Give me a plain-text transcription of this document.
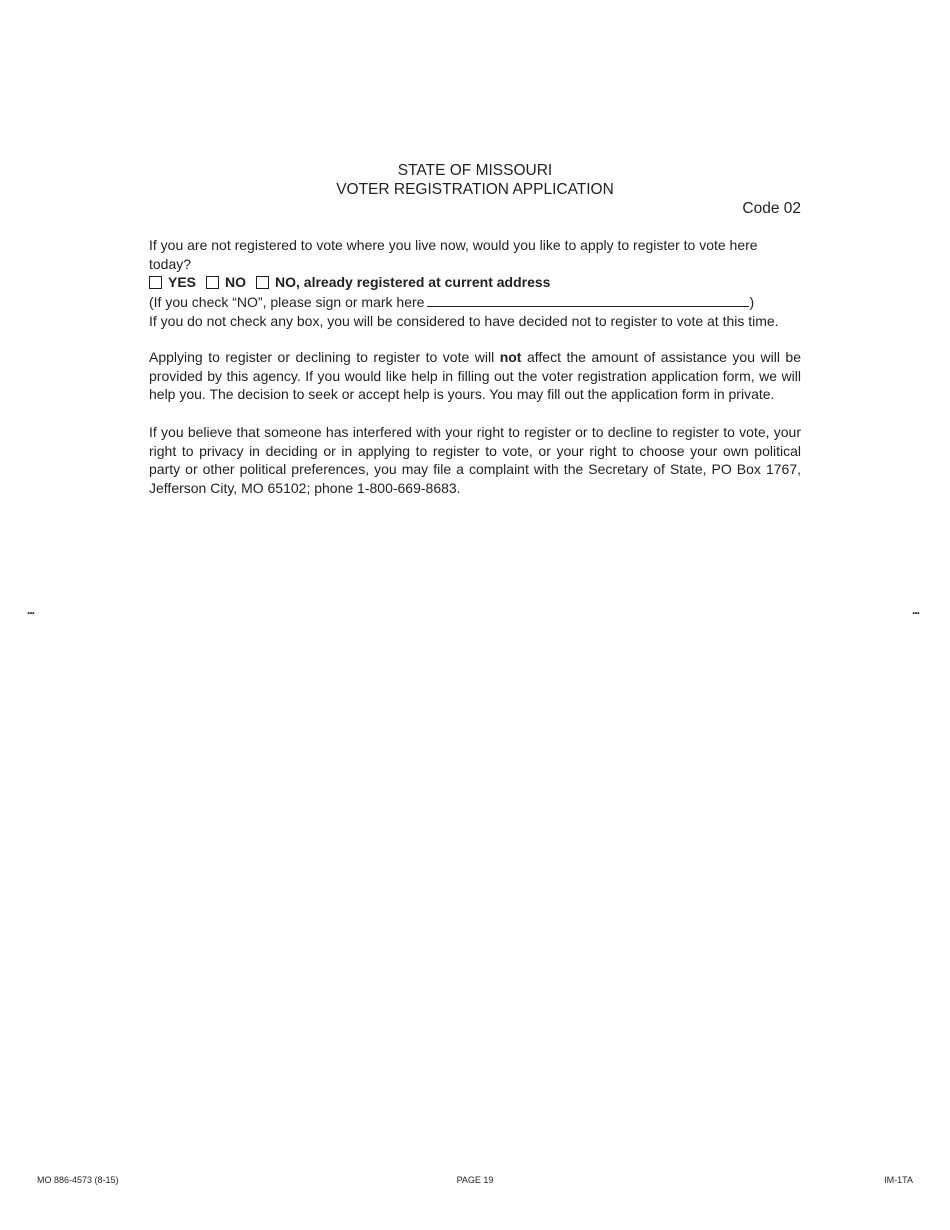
STATE OF MISSOURI
VOTER REGISTRATION APPLICATION
Code 02
If you are not registered to vote where you live now, would you like to apply to register to vote here today?
YES NO NO, already registered at current address
(If you check “NO”, please sign or mark here	)
If you do not check any box, you will be considered to have decided not to register to vote at this time.

Applying to register or declining to register to vote will not affect the amount of assistance you will be provided by this agency. If you would like help in filling out the voter registration application form, we will help you. The decision to seek or accept help is yours. You may fill out the application form in private.

If you believe that someone has interfered with your right to register or to decline to register to vote, your right to privacy in deciding or in applying to register to vote, or your right to choose your own political party or other political preferences, you may file a complaint with the Secretary of State, PO Box 1767, Jefferson City, MO 65102; phone 1-800-669-8683.

...	...
MO 886-4573 (8-15)	PAGE 19	IM-1TA
